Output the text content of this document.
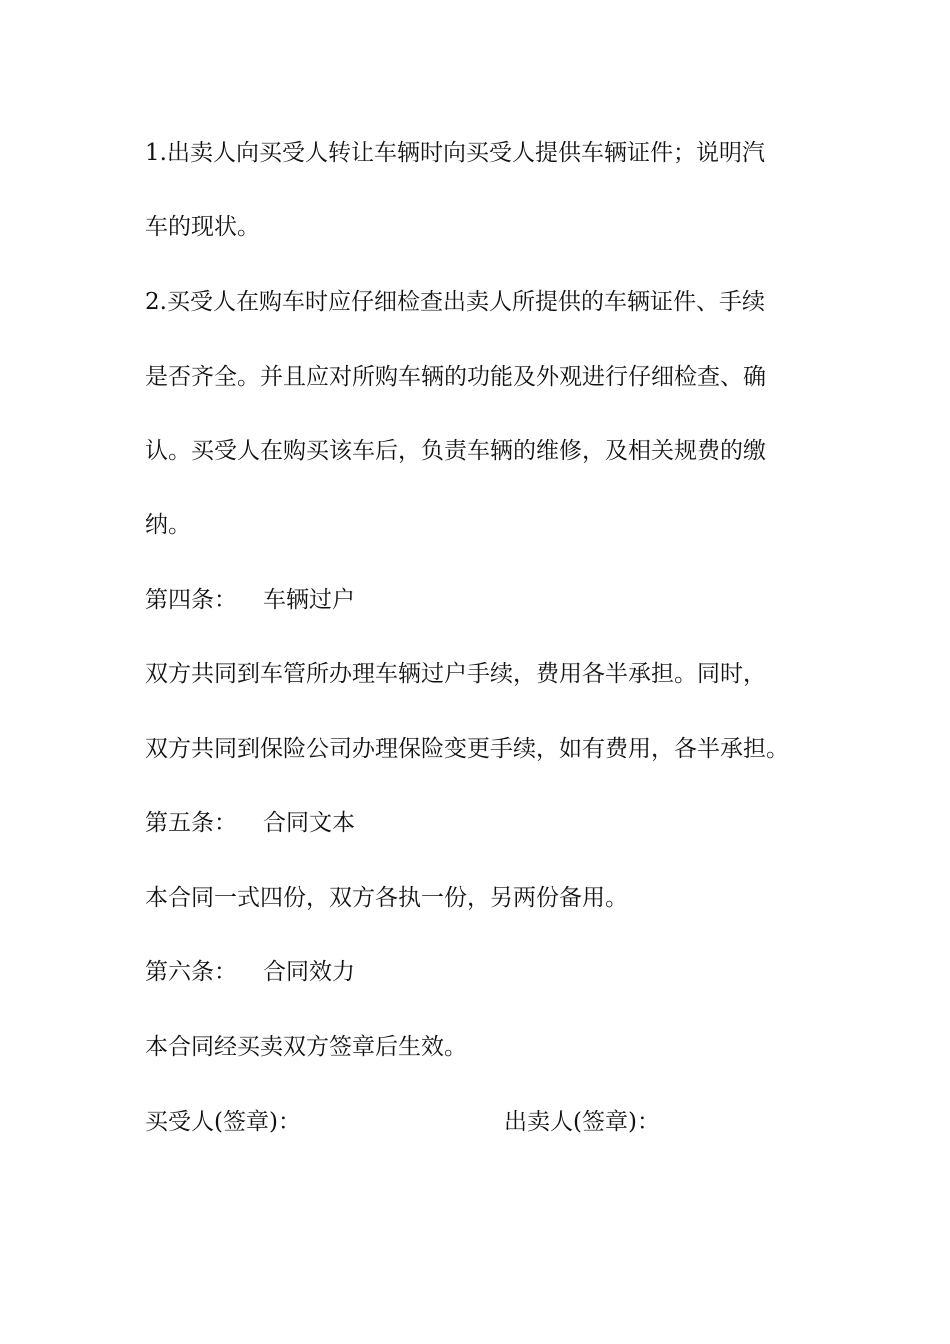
1.出卖人向买受人转让车辆时向买受人提供车辆证件；说明汽
车的现状。
2.买受人在购车时应仔细检查出卖人所提供的车辆证件、手续
是否齐全。并且应对所购车辆的功能及外观进行仔细检查、确
认。买受人在购买该车后，负责车辆的维修，及相关规费的缴
纳。
第四条： 车辆过户
双方共同到车管所办理车辆过户手续，费用各半承担。同时，
双方共同到保险公司办理保险变更手续，如有费用，各半承担。
第五条： 合同文本
本合同一式四份，双方各执一份，另两份备用。
第六条： 合同效力
本合同经买卖双方签章后生效。
买受人(签章)：	出卖人(签章)：
